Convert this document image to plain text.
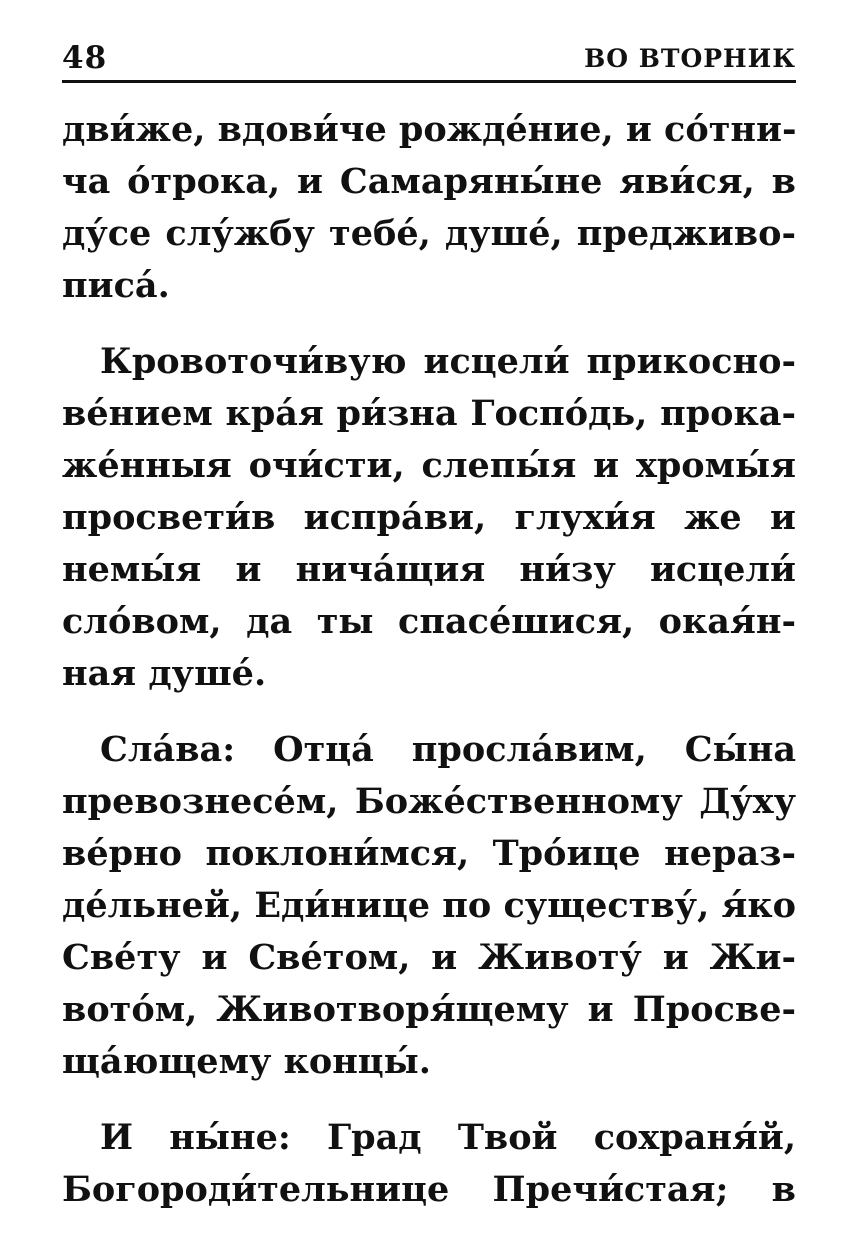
48	ВО ВТОРНИК
дви́же, вдови́че рожде́ние, и со́тни-
ча о́трока, и Самаряны́не яви́ся, в
ду́се слу́жбу тебе́, душе́, предживо-
писа́.
Кровоточи́вую исцели́ прикосно-
ве́нием кра́я ри́зна Госпо́дь, прока-
же́нныя очи́сти, слепы́я и хромы́я
просвети́в испра́ви, глухи́я же и
немы́я и нича́щия ни́зу исцели́
сло́вом, да ты спасе́шися, окая́н-
ная душе́.
Сла́ва: Отца́ просла́вим, Сы́на
превознесе́м, Боже́ственному Ду́ху
ве́рно поклони́мся, Тро́ице нераз-
де́льней, Еди́нице по существу́, я́ко
Све́ту и Све́том, и Животу́ и Жи-
вото́м, Животворя́щему и Просве-
ща́ющему концы́.
И ны́не: Град Твой сохраня́й,
Богороди́тельнице Пречи́стая; в
